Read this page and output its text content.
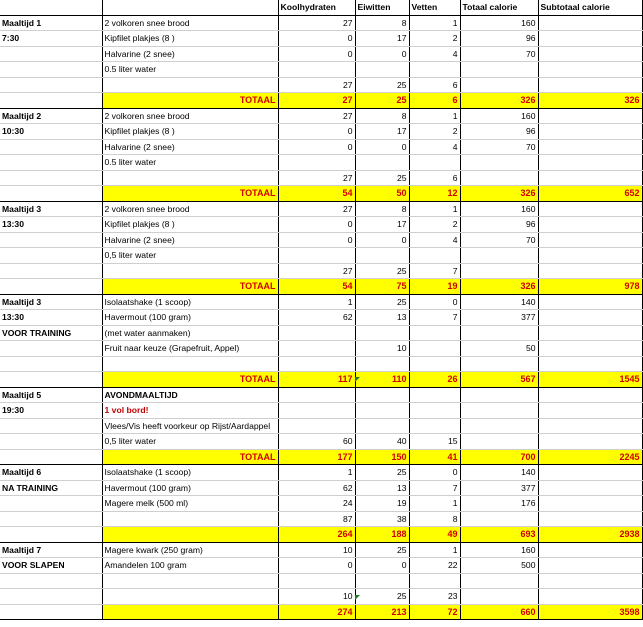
		Koolhydraten	Eiwitten	Vetten	Totaal calorie	Subtotaal calorie
Maaltijd 1	2 volkoren snee brood	27	8	1	160	
7:30	Kipfilet plakjes (8 )	0	17	2	96	
	Halvarine (2 snee)	0	0	4	70	
	0.5 liter water					
		27	25	6		
	TOTAAL	27	25	6	326	326
Maaltijd 2	2 volkoren snee brood	27	8	1	160	
10:30	Kipfilet plakjes (8 )	0	17	2	96	
	Halvarine (2 snee)	0	0	4	70	
	0.5 liter water					
		27	25	6		
	TOTAAL	54	50	12	326	652
Maaltijd 3	2 volkoren snee brood	27	8	1	160	
13:30	Kipfilet plakjes (8 )	0	17	2	96	
	Halvarine (2 snee)	0	0	4	70	
	0,5 liter water					
		27	25	7		
	TOTAAL	54	75	19	326	978
Maaltijd 3	Isolaatshake (1 scoop)	1	25	0	140	
13:30	Havermout (100 gram)	62	13	7	377	
VOOR TRAINING	(met water aanmaken)					
	Fruit naar keuze (Grapefruit, Appel)		10		50	

	TOTAAL	117	110	26	567	1545
Maaltijd 5	AVONDMAALTIJD					
19:30	1 vol bord!					
	Vlees/Vis heeft voorkeur op Rijst/Aardappel					
	0,5 liter water	60	40	15		
	TOTAAL	177	150	41	700	2245
Maaltijd 6	Isolaatshake (1 scoop)	1	25	0	140	
NA TRAINING	Havermout (100 gram)	62	13	7	377	
	Magere melk (500 ml)	24	19	1	176	
		87	38	8		
		264	188	49	693	2938
Maaltijd 7	Magere kwark (250 gram)	10	25	1	160	
VOOR SLAPEN	Amandelen 100 gram	0	0	22	500	

		10	25	23		
		274	213	72	660	3598
